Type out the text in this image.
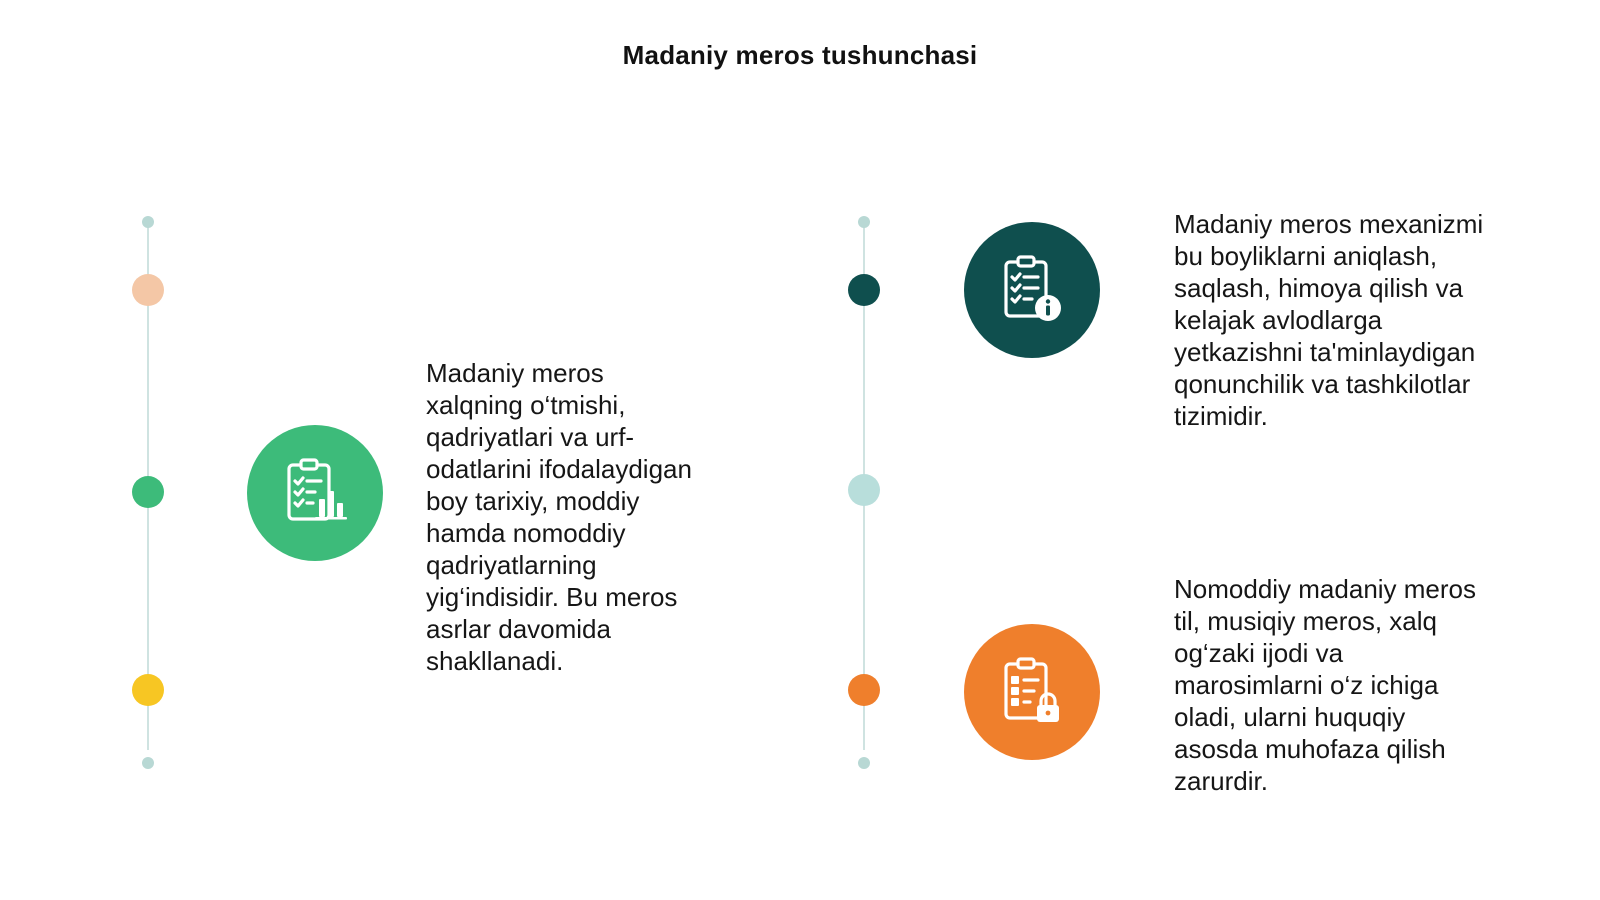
Madaniy meros tushunchasi
Madaniy meros
xalqning o‘tmishi,
qadriyatlari va urf-
odatlarini ifodalaydigan
boy tarixiy, moddiy
hamda nomoddiy
qadriyatlarning
yig‘indisidir. Bu meros
asrlar davomida
shakllanadi.
Madaniy meros mexanizmi
bu boyliklarni aniqlash,
saqlash, himoya qilish va
kelajak avlodlarga
yetkazishni ta'minlaydigan
qonunchilik va tashkilotlar
tizimidir.
Nomoddiy madaniy meros
til, musiqiy meros, xalq
og‘zaki ijodi va
marosimlarni o‘z ichiga
oladi, ularni huquqiy
asosda muhofaza qilish
zarurdir.
